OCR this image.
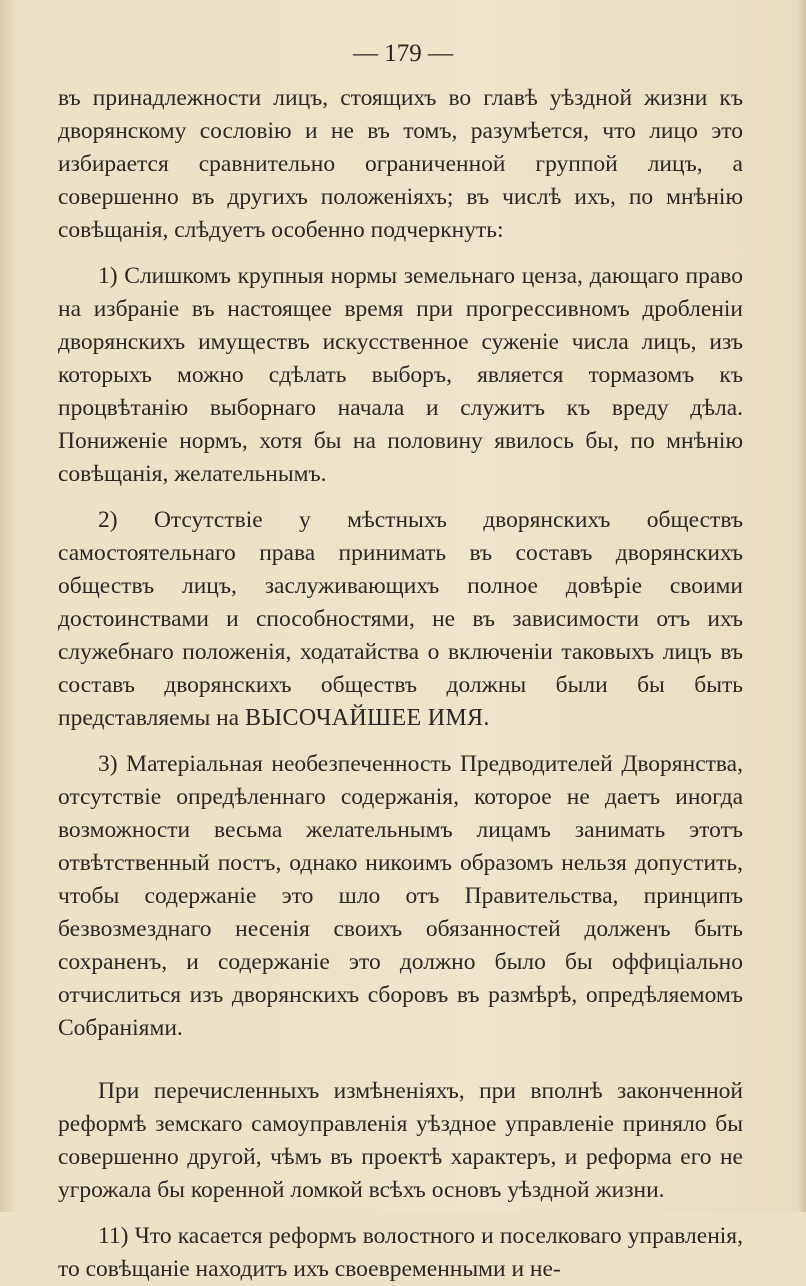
— 179 —

въ принадлежности лицъ, стоящихъ во главѣ уѣздной жизни къ дворянскому сословію и не въ томъ, разумѣется, что лицо это избирается сравнительно ограниченной группой лицъ, а совершенно въ другихъ положеніяхъ; въ числѣ ихъ, по мнѣнію совѣщанія, слѣдуетъ особенно подчеркнуть:

1) Слишкомъ крупныя нормы земельнаго ценза, дающаго право на избраніе въ настоящее время при прогрессивномъ дробленіи дворянскихъ имуществъ искусственное суженіе числа лицъ, изъ которыхъ можно сдѣлать выборъ, является тормазомъ къ процвѣтанію выборнаго начала и служитъ къ вреду дѣла. Пониженіе нормъ, хотя бы на половину явилось бы, по мнѣнію совѣщанія, желательнымъ.

2) Отсутствіе у мѣстныхъ дворянскихъ обществъ самостоятельнаго права принимать въ составъ дворянскихъ обществъ лицъ, заслуживающихъ полное довѣріе своими достоинствами и способностями, не въ зависимости отъ ихъ служебнаго положенія, ходатайства о включеніи таковыхъ лицъ въ составъ дворянскихъ обществъ должны были бы быть представляемы на ВЫСОЧАЙШЕЕ ИМЯ.

3) Матеріальная необезпеченность Предводителей Дворянства, отсутствіе опредѣленнаго содержанія, которое не даетъ иногда возможности весьма желательнымъ лицамъ занимать этотъ отвѣтственный постъ, однако никоимъ образомъ нельзя допустить, чтобы содержаніе это шло отъ Правительства, принципъ безвозмезднаго несенія своихъ обязанностей долженъ быть сохраненъ, и содержаніе это должно было бы оффиціально отчислиться изъ дворянскихъ сборовъ въ размѣрѣ, опредѣляемомъ Собраніями.

При перечисленныхъ измѣненіяхъ, при вполнѣ законченной реформѣ земскаго самоуправленія уѣздное управленіе приняло бы совершенно другой, чѣмъ въ проектѣ характеръ, и реформа его не угрожала бы коренной ломкой всѣхъ основъ уѣздной жизни.

11) Что касается реформъ волостного и поселковаго управленія, то совѣщаніе находитъ ихъ своевременными и не-
